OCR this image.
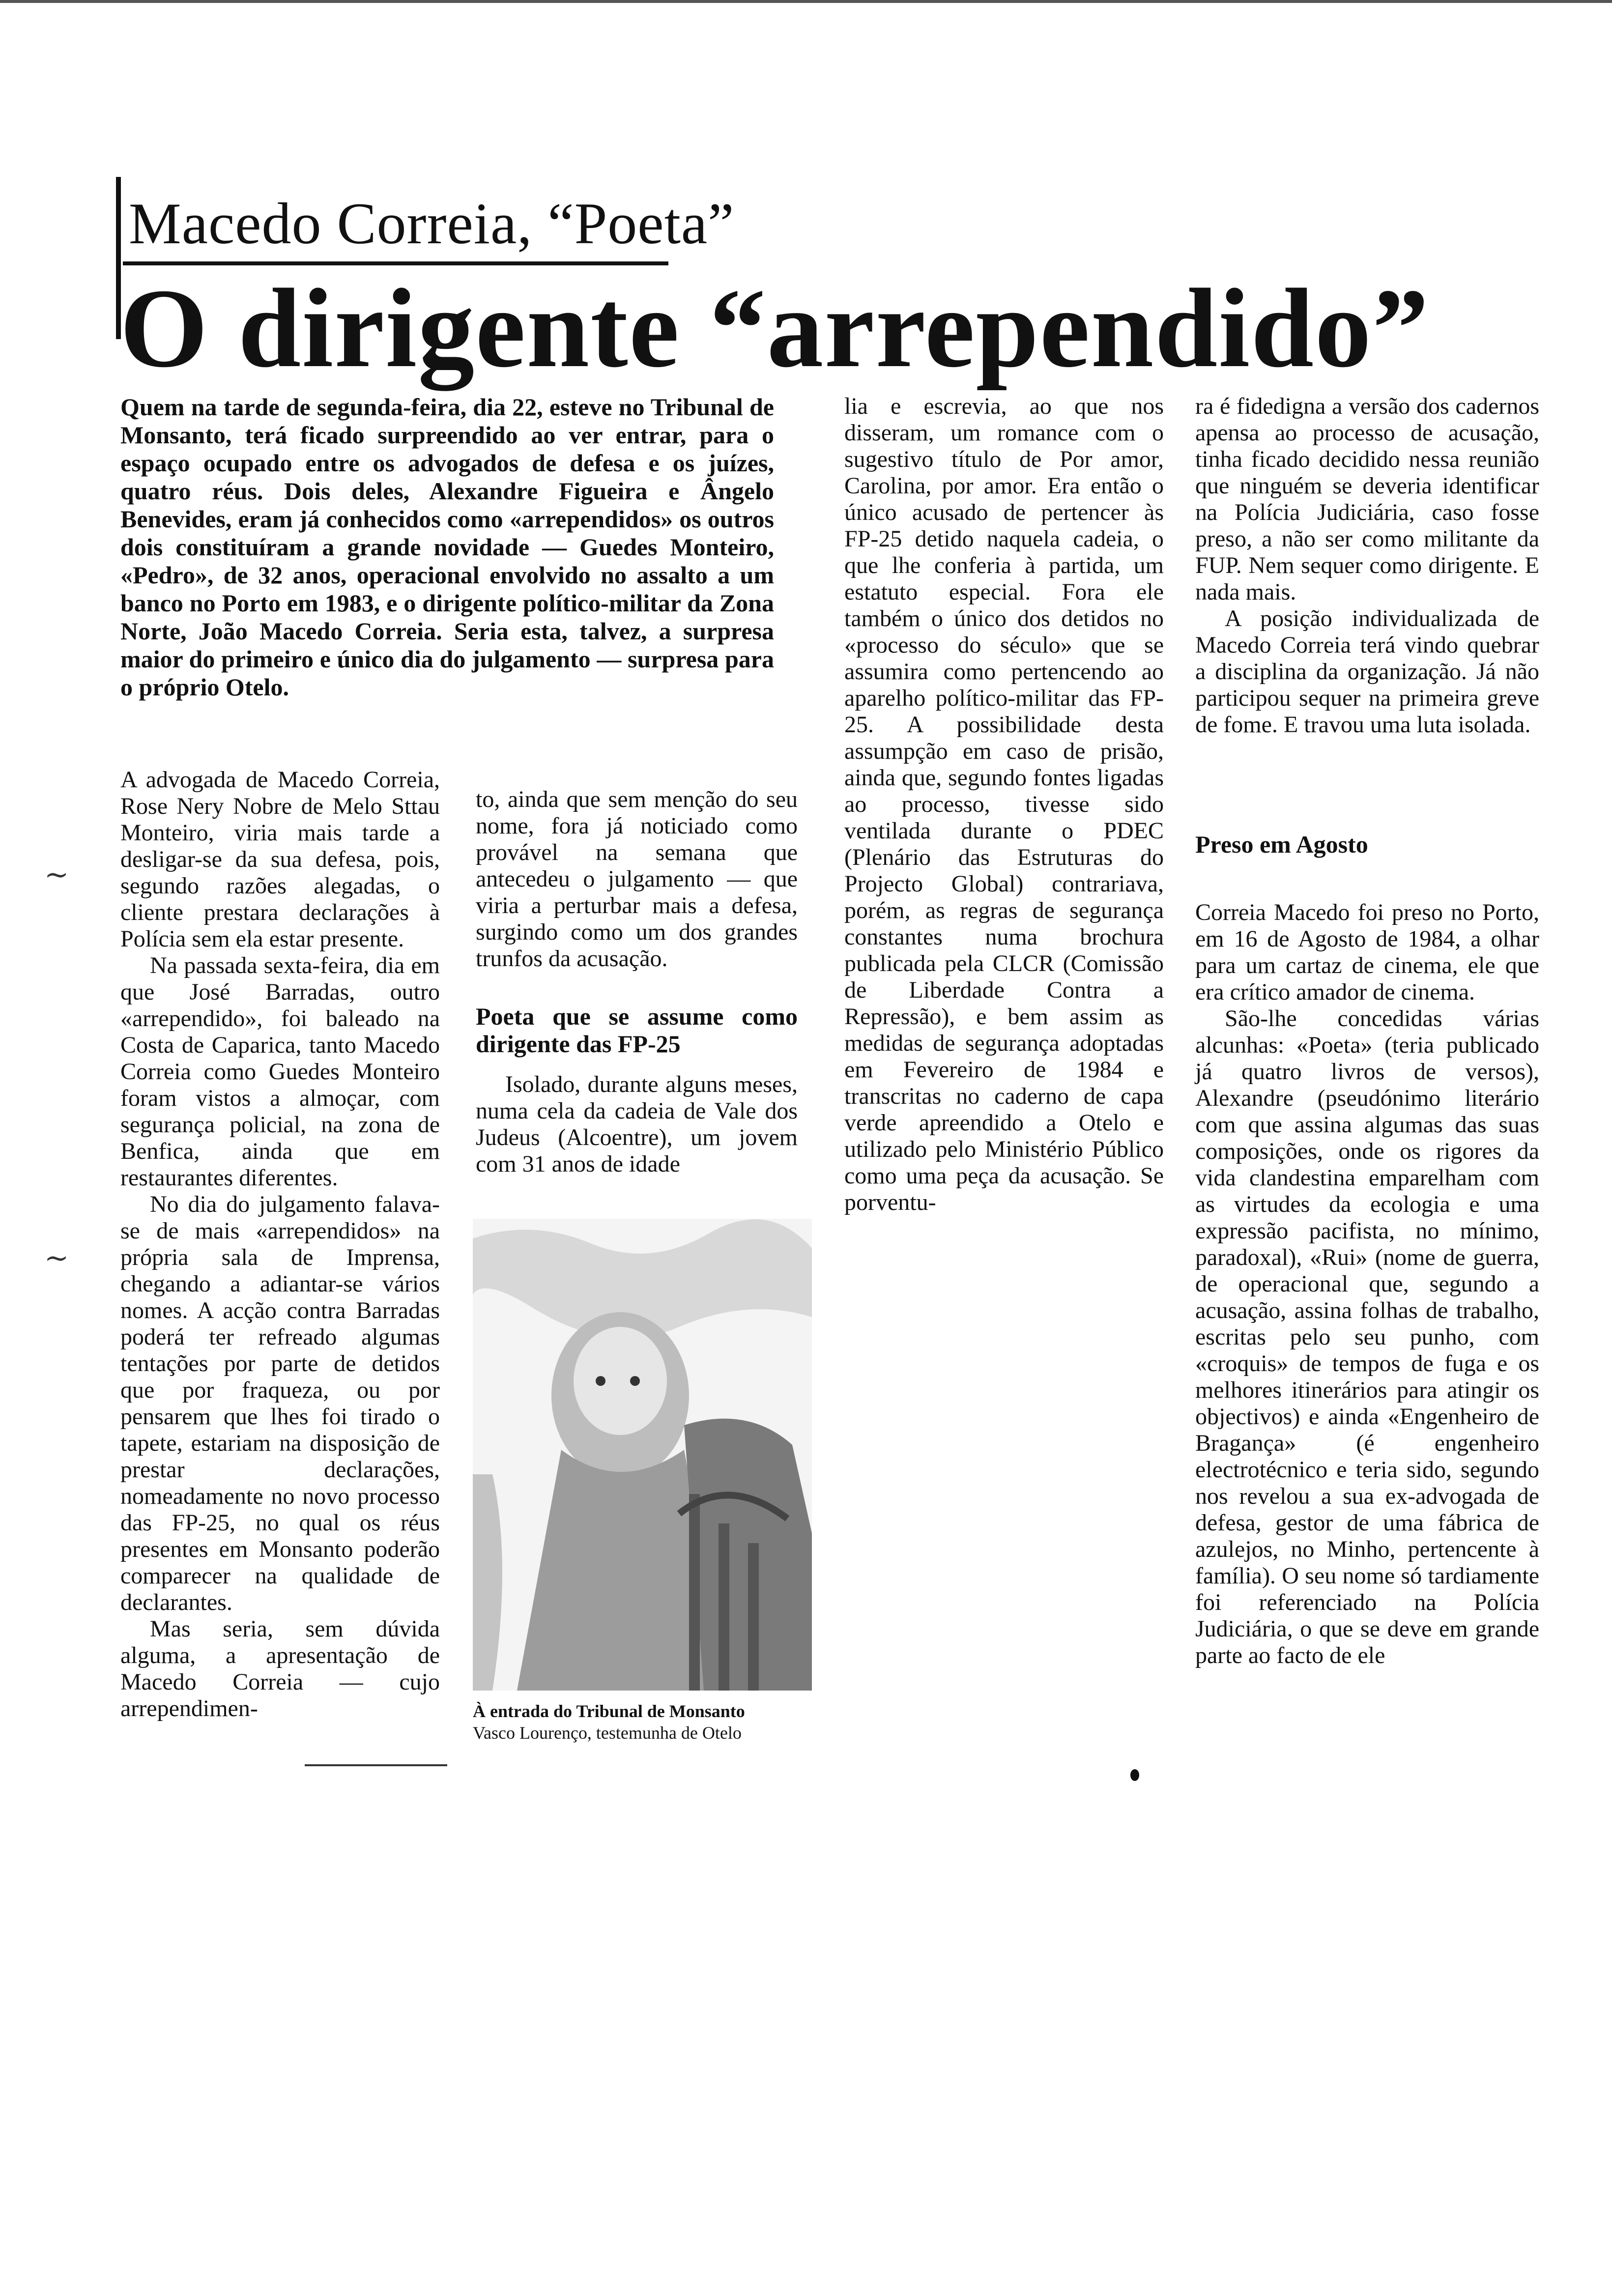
Macedo Correia, “Poeta”
O dirigente “arrependido”
Quem na tarde de segunda-feira, dia 22, esteve no Tribunal de Monsanto, terá ficado surpreendido ao ver entrar, para o espaço ocupado entre os advogados de defesa e os juízes, quatro réus. Dois deles, Alexandre Figueira e Ângelo Benevides, eram já conhecidos como «arrependidos» os outros dois constituíram a grande novidade — Guedes Monteiro, «Pedro», de 32 anos, operacional envolvido no assalto a um banco no Porto em 1983, e o dirigente político-militar da Zona Norte, João Macedo Correia. Seria esta, talvez, a surpresa maior do primeiro e único dia do julgamento — surpresa para o próprio Otelo.

A advogada de Macedo Correia, Rose Nery Nobre de Melo Sttau Monteiro, viria mais tarde a desligar-se da sua defesa, pois, segundo razões alegadas, o cliente prestara declarações à Polícia sem ela estar presente.

Na passada sexta-feira, dia em que José Barradas, outro «arrependido», foi baleado na Costa de Caparica, tanto Macedo Correia como Guedes Monteiro foram vistos a almoçar, com segurança policial, na zona de Benfica, ainda que em restaurantes diferentes.

No dia do julgamento falava-se de mais «arrependidos» na própria sala de Imprensa, chegando a adiantar-se vários nomes. A acção contra Barradas poderá ter refreado algumas tentações por parte de detidos que por fraqueza, ou por pensarem que lhes foi tirado o tapete, estariam na disposição de prestar declarações, nomeadamente no novo processo das FP-25, no qual os réus presentes em Monsanto poderão comparecer na qualidade de declarantes.

Mas seria, sem dúvida alguma, a apresentação de Macedo Correia — cujo arrependimen-

to, ainda que sem menção do seu nome, fora já noticiado como provável na semana que antecedeu o julgamento — que viria a perturbar mais a defesa, surgindo como um dos grandes trunfos da acusação.

Poeta que se assume como dirigente das FP-25

Isolado, durante alguns meses, numa cela da cadeia de Vale dos Judeus (Alcoentre), um jovem com 31 anos de idade

À entrada do Tribunal de Monsanto
Vasco Lourenço, testemunha de Otelo

lia e escrevia, ao que nos disseram, um romance com o sugestivo título de Por amor, Carolina, por amor. Era então o único acusado de pertencer às FP-25 detido naquela cadeia, o que lhe conferia à partida, um estatuto especial. Fora ele também o único dos detidos no «processo do século» que se assumira como pertencendo ao aparelho político-militar das FP-25. A possibilidade desta assumpção em caso de prisão, ainda que, segundo fontes ligadas ao processo, tivesse sido ventilada durante o PDEC (Plenário das Estruturas do Projecto Global) contrariava, porém, as regras de segurança constantes numa brochura publicada pela CLCR (Comissão de Liberdade Contra a Repressão), e bem assim as medidas de segurança adoptadas em Fevereiro de 1984 e transcritas no caderno de capa verde apreendido a Otelo e utilizado pelo Ministério Público como uma peça da acusação. Se porventu-

ra é fidedigna a versão dos cadernos apensa ao processo de acusação, tinha ficado decidido nessa reunião que ninguém se deveria identificar na Polícia Judiciária, caso fosse preso, a não ser como militante da FUP. Nem sequer como dirigente. E nada mais.

A posição individualizada de Macedo Correia terá vindo quebrar a disciplina da organização. Já não participou sequer na primeira greve de fome. E travou uma luta isolada.

Preso em Agosto

Correia Macedo foi preso no Porto, em 16 de Agosto de 1984, a olhar para um cartaz de cinema, ele que era crítico amador de cinema.

São-lhe concedidas várias alcunhas: «Poeta» (teria publicado já quatro livros de versos), Alexandre (pseudónimo literário com que assina algumas das suas composições, onde os rigores da vida clandestina emparelham com as virtudes da ecologia e uma expressão pacifista, no mínimo, paradoxal), «Rui» (nome de guerra, de operacional que, segundo a acusação, assina folhas de trabalho, escritas pelo seu punho, com «croquis» de tempos de fuga e os melhores itinerários para atingir os objectivos) e ainda «Engenheiro de Bragança» (é engenheiro electrotécnico e teria sido, segundo nos revelou a sua ex-advogada de defesa, gestor de uma fábrica de azulejos, no Minho, pertencente à família). O seu nome só tardiamente foi referenciado na Polícia Judiciária, o que se deve em grande parte ao facto de ele

∼
∼
